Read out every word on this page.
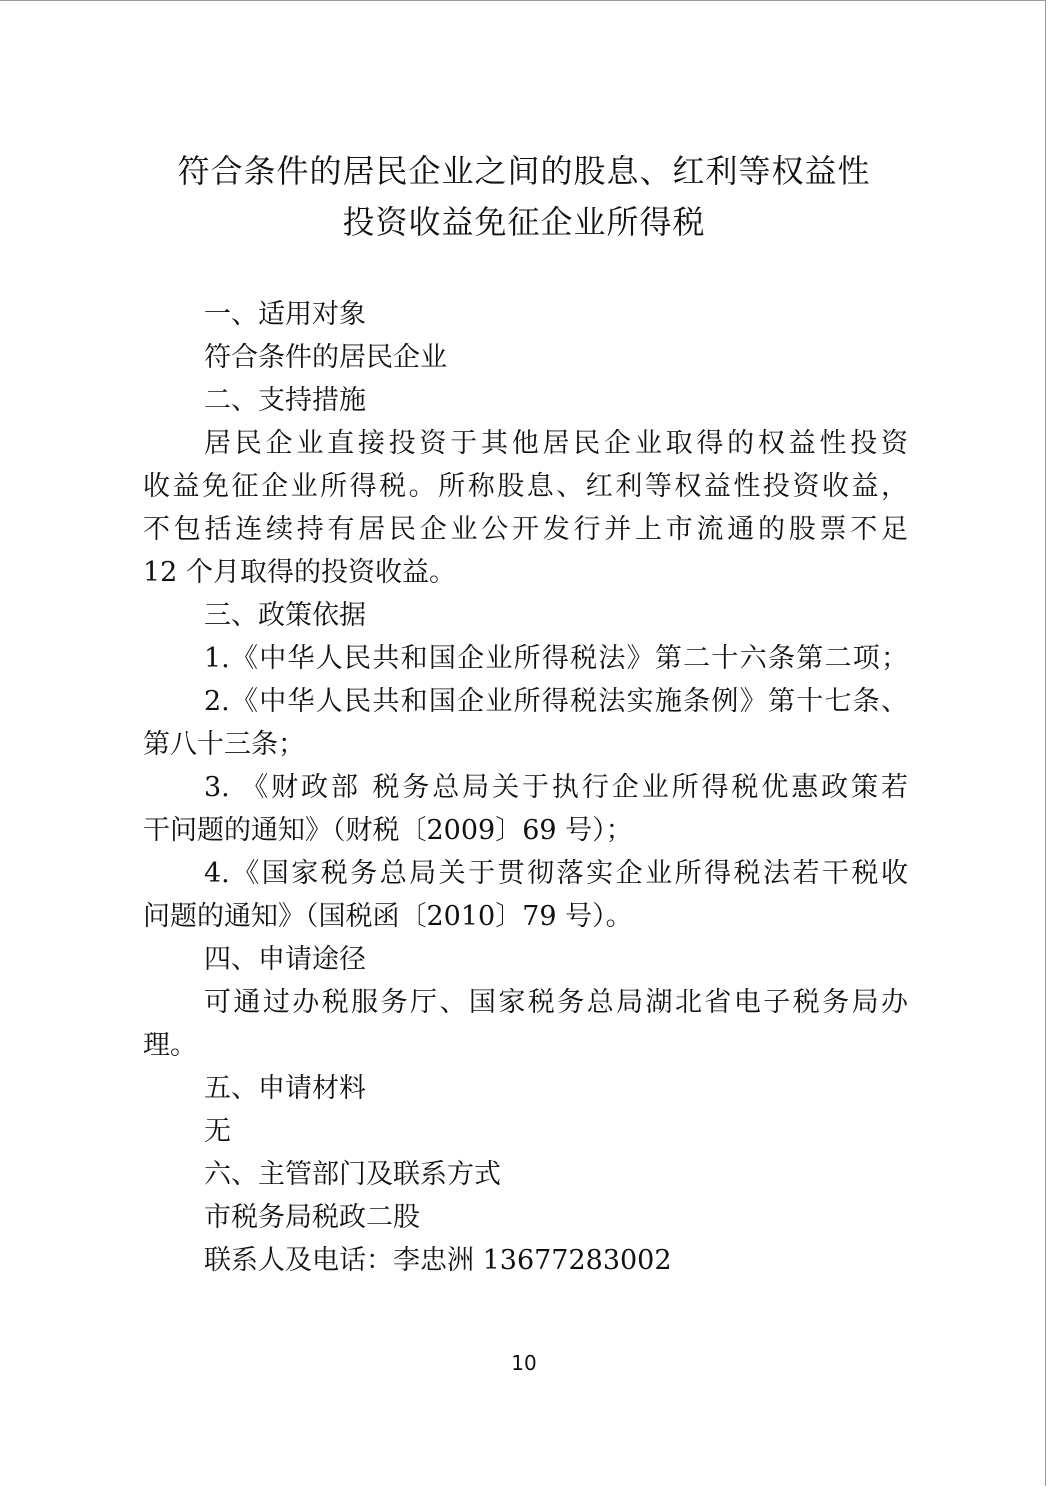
符合条件的居民企业之间的股息、红利等权益性
投资收益免征企业所得税
一、适用对象
符合条件的居民企业
二、支持措施
居民企业直接投资于其他居民企业取得的权益性投资
收益免征企业所得税。所称股息、红利等权益性投资收益，
不包括连续持有居民企业公开发行并上市流通的股票不足
12 个月取得的投资收益。
三、政策依据
1.《中华人民共和国企业所得税法》第二十六条第二项；
2.《中华人民共和国企业所得税法实施条例》第十七条、
第八十三条；
3. 《财政部 税务总局关于执行企业所得税优惠政策若
干问题的通知》（财税〔2009〕69 号）；
4.《国家税务总局关于贯彻落实企业所得税法若干税收
问题的通知》（国税函〔2010〕79 号）。
四、申请途径
可通过办税服务厅、国家税务总局湖北省电子税务局办
理。
五、申请材料
无
六、主管部门及联系方式
市税务局税政二股
联系人及电话：李忠洲 13677283002
10
